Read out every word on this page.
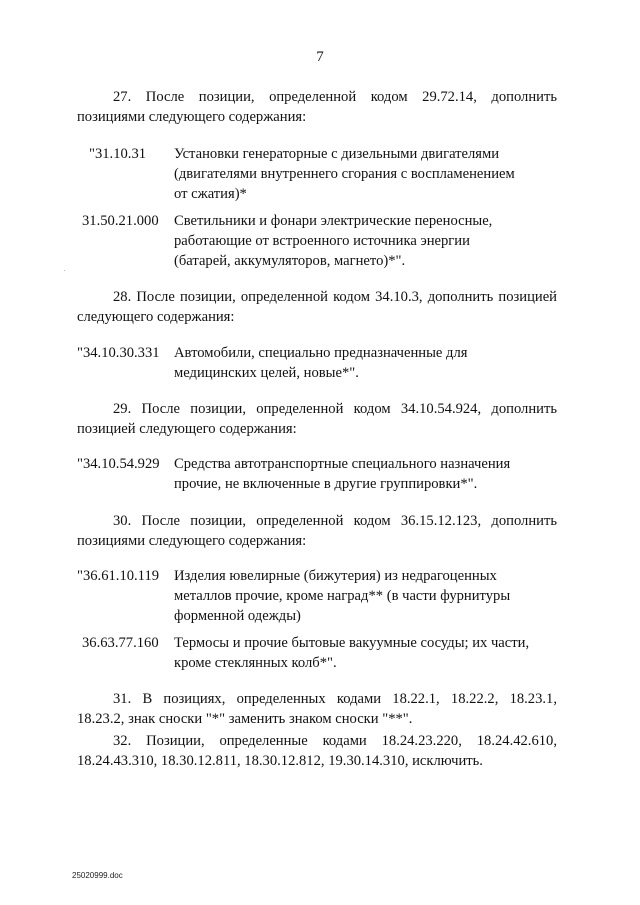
7

27. После позиции, определенной кодом 29.72.14, дополнить
позициями следующего содержания:

"31.10.31 Установки генераторные с дизельными двигателями
(двигателями внутреннего сгорания с воспламенением
от сжатия)*
31.50.21.000 Светильники и фонари электрические переносные,
работающие от встроенного источника энергии
(батарей, аккумуляторов, магнето)*".

28. После позиции, определенной кодом 34.10.3, дополнить позицией
следующего содержания:

"34.10.30.331 Автомобили, специально предназначенные для
медицинских целей, новые*".

29. После позиции, определенной кодом 34.10.54.924, дополнить
позицией следующего содержания:

"34.10.54.929 Средства автотранспортные специального назначения
прочие, не включенные в другие группировки*".

30. После позиции, определенной кодом 36.15.12.123, дополнить
позициями следующего содержания:

"36.61.10.119 Изделия ювелирные (бижутерия) из недрагоценных
металлов прочие, кроме наград** (в части фурнитуры
форменной одежды)
36.63.77.160 Термосы и прочие бытовые вакуумные сосуды; их части,
кроме стеклянных колб*".

31. В позициях, определенных кодами 18.22.1, 18.22.2, 18.23.1,
18.23.2, знак сноски "*" заменить знаком сноски "**".

32. Позиции, определенные кодами 18.24.23.220, 18.24.42.610,
18.24.43.310, 18.30.12.811, 18.30.12.812, 19.30.14.310, исключить.

25020999.doc
